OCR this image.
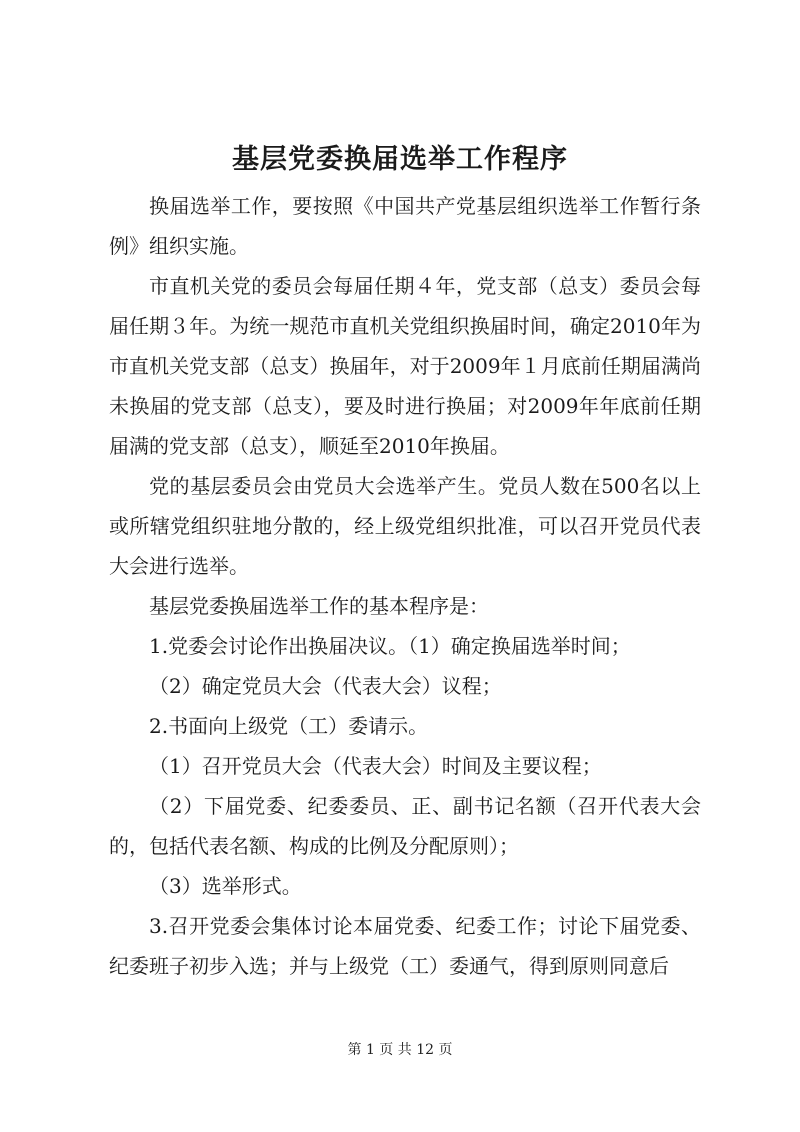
基层党委换届选举工作程序

换届选举工作，要按照《中国共产党基层组织选举工作暂行条例》组织实施。

市直机关党的委员会每届任期４年，党支部（总支）委员会每届任期３年。为统一规范市直机关党组织换届时间，确定2010年为市直机关党支部（总支）换届年，对于2009年１月底前任期届满尚未换届的党支部（总支），要及时进行换届；对2009年年底前任期届满的党支部（总支），顺延至2010年换届。

党的基层委员会由党员大会选举产生。党员人数在500名以上或所辖党组织驻地分散的，经上级党组织批准，可以召开党员代表大会进行选举。

基层党委换届选举工作的基本程序是：

1.党委会讨论作出换届决议。（1）确定换届选举时间；

（2）确定党员大会（代表大会）议程；

2.书面向上级党（工）委请示。

（1）召开党员大会（代表大会）时间及主要议程；

（2）下届党委、纪委委员、正、副书记名额（召开代表大会的，包括代表名额、构成的比例及分配原则）；

（3）选举形式。

3.召开党委会集体讨论本届党委、纪委工作；讨论下届党委、纪委班子初步入选；并与上级党（工）委通气，得到原则同意后

第 1 页 共 12 页
